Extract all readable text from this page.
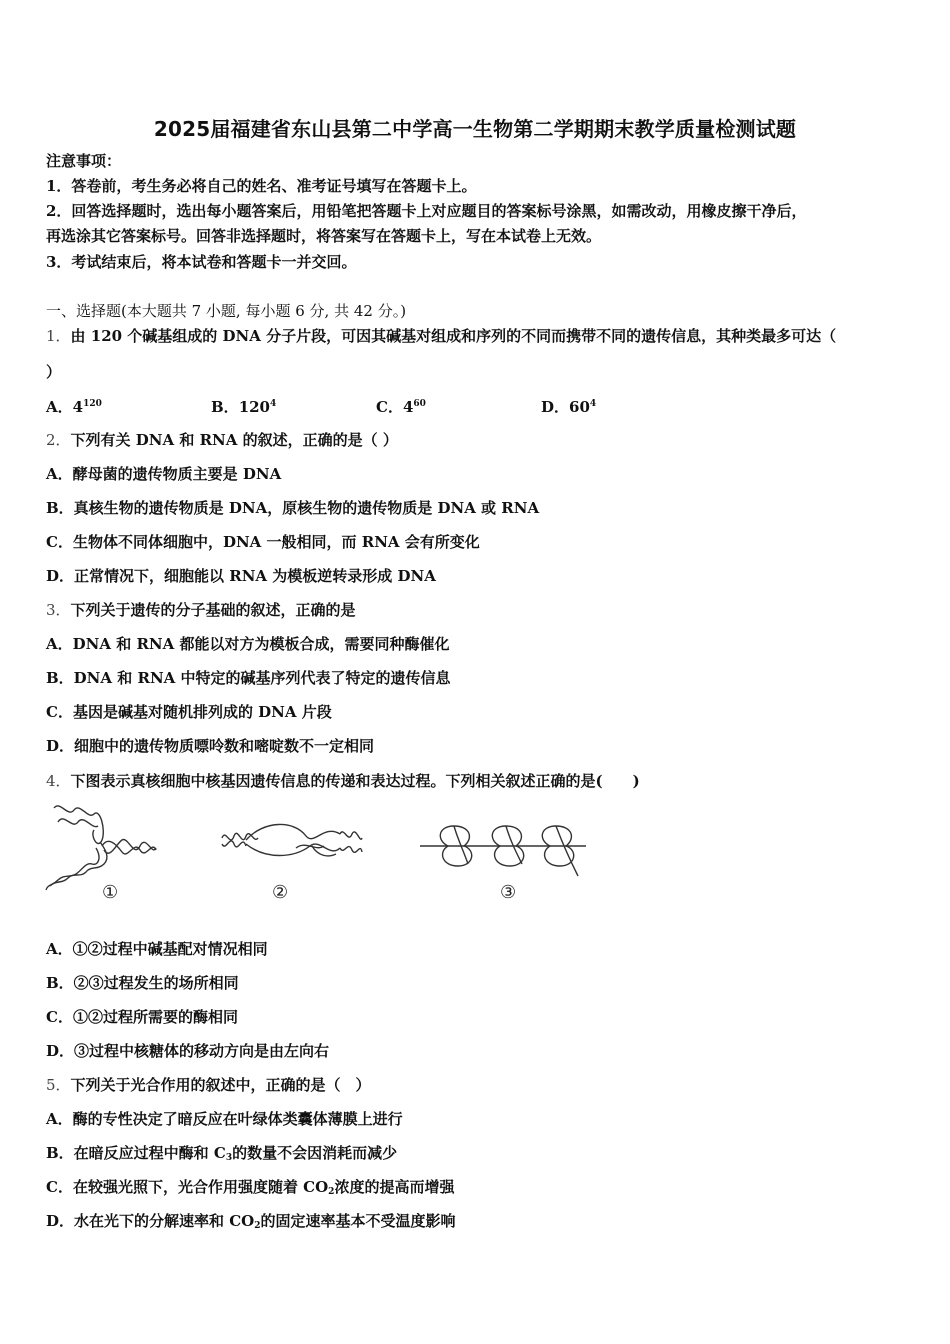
2025届福建省东山县第二中学高一生物第二学期期末教学质量检测试题
注意事项：
1．答卷前，考生务必将自己的姓名、准考证号填写在答题卡上。
2．回答选择题时，选出每小题答案后，用铅笔把答题卡上对应题目的答案标号涂黑，如需改动，用橡皮擦干净后，
再选涂其它答案标号。回答非选择题时，将答案写在答题卡上，写在本试卷上无效。
3．考试结束后，将本试卷和答题卡一并交回。
一、选择题(本大题共 7 小题, 每小题 6 分, 共 42 分。)
1．由 120 个碱基组成的 DNA 分子片段，可因其碱基对组成和序列的不同而携带不同的遗传信息，其种类最多可达（
）
A．$4^{120}$	B．$120^4$	C．$4^{60}$	D．$60^4$
2．下列有关 DNA 和 RNA 的叙述，正确的是（ ）
A．酵母菌的遗传物质主要是 DNA
B．真核生物的遗传物质是 DNA，原核生物的遗传物质是 DNA 或 RNA
C．生物体不同体细胞中，DNA 一般相同，而 RNA 会有所变化
D．正常情况下，细胞能以 RNA 为模板逆转录形成 DNA
3．下列关于遗传的分子基础的叙述，正确的是
A．DNA 和 RNA 都能以对方为模板合成，需要同种酶催化
B．DNA 和 RNA 中特定的碱基序列代表了特定的遗传信息
C．基因是碱基对随机排列成的 DNA 片段
D．细胞中的遗传物质嘌呤数和嘧啶数不一定相同
4．下图表示真核细胞中核基因遗传信息的传递和表达过程。下列相关叙述正确的是(　　)
①	②	③
A．①②过程中碱基配对情况相同
B．②③过程发生的场所相同
C．①②过程所需要的酶相同
D．③过程中核糖体的移动方向是由左向右
5．下列关于光合作用的叙述中，正确的是（　）
A．酶的专性决定了暗反应在叶绿体类囊体薄膜上进行
B．在暗反应过程中酶和 $C_3$的数量不会因消耗而减少
C．在较强光照下，光合作用强度随着 $CO_2$浓度的提高而增强
D．水在光下的分解速率和 $CO_2$的固定速率基本不受温度影响
